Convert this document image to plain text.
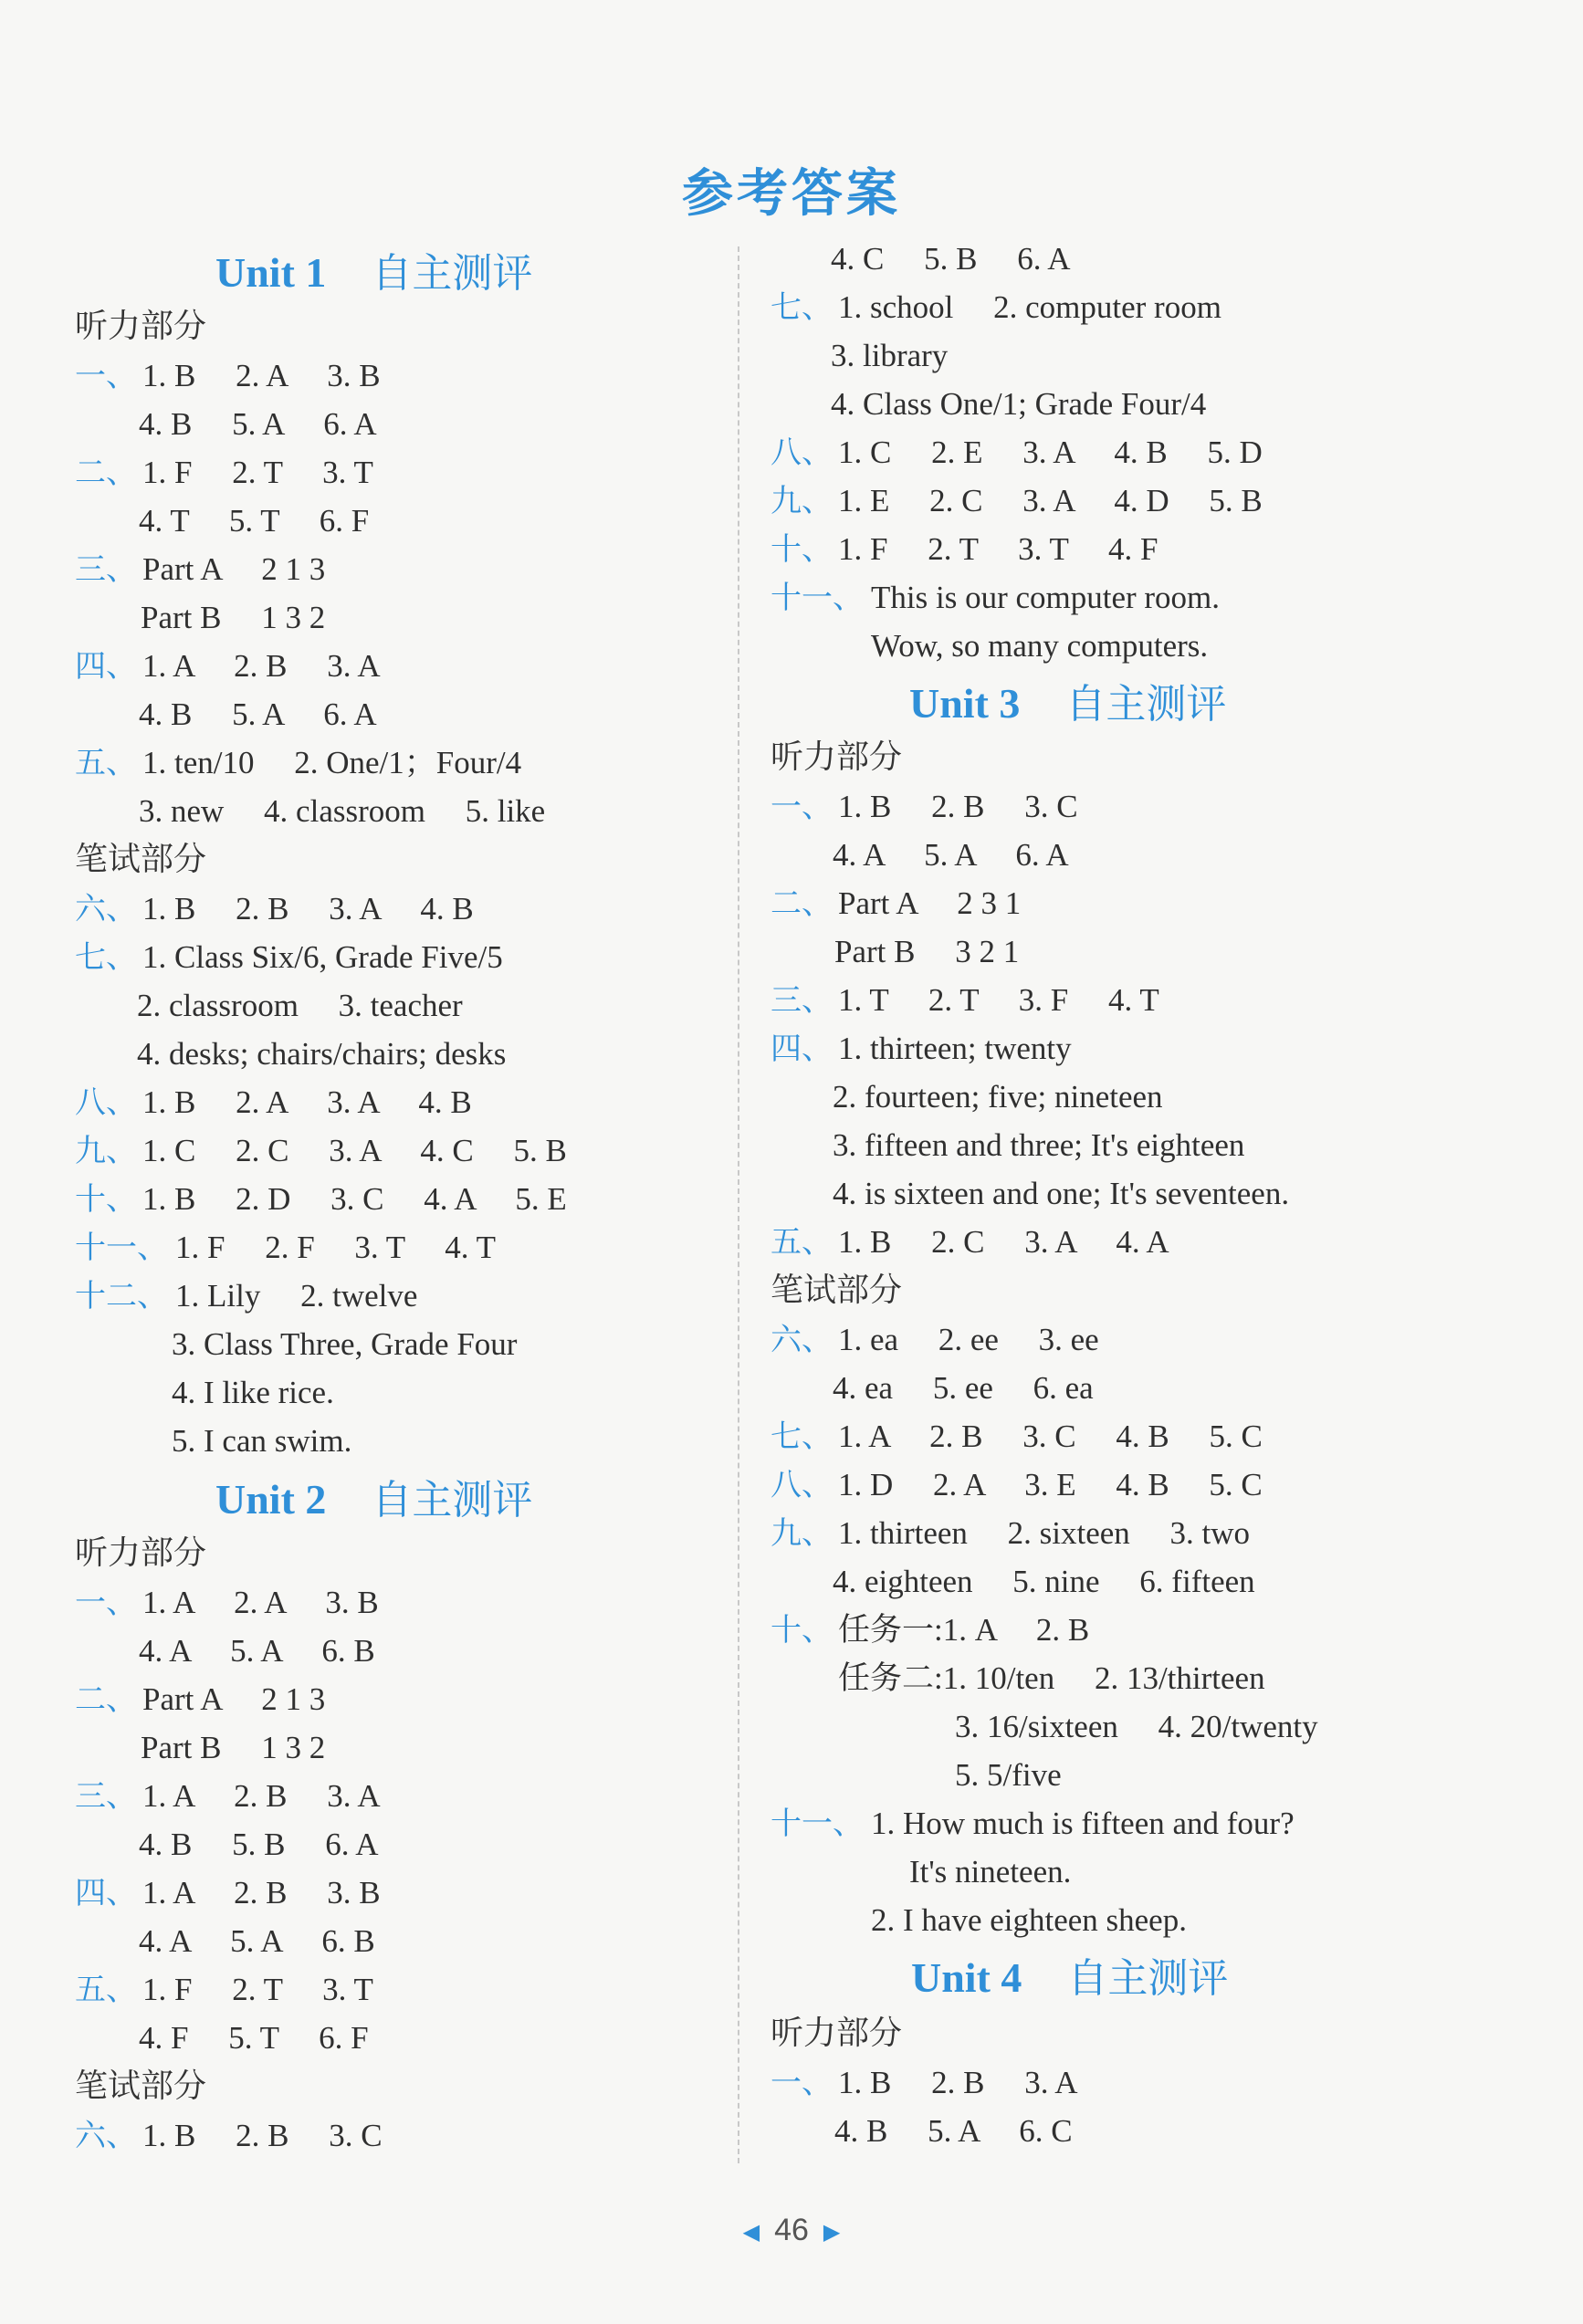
参考答案
Unit 1 自主测评
听力部分
一、 1. B　 2. A　 3. B
4. B　 5. A　 6. A
二、 1. F　 2. T　 3. T
4. T　 5. T　 6. F
三、 Part A　 2 1 3
Part B　 1 3 2
四、 1. A　 2. B　 3. A
4. B　 5. A　 6. A
五、 1. ten/10　 2. One/1；Four/4
3. new　 4. classroom　 5. like
笔试部分
六、 1. B　 2. B　 3. A　 4. B
七、 1. Class Six/6, Grade Five/5
2. classroom　 3. teacher
4. desks; chairs/chairs; desks
八、 1. B　 2. A　 3. A　 4. B
九、 1. C　 2. C　 3. A　 4. C　 5. B
十、 1. B　 2. D　 3. C　 4. A　 5. E
十一、 1. F　 2. F　 3. T　 4. T
十二、 1. Lily　 2. twelve
3. Class Three, Grade Four
4. I like rice.
5. I can swim.
Unit 2 自主测评
听力部分
一、 1. A　 2. A　 3. B
4. A　 5. A　 6. B
二、 Part A　 2 1 3
Part B　 1 3 2
三、 1. A　 2. B　 3. A
4. B　 5. B　 6. A
四、 1. A　 2. B　 3. B
4. A　 5. A　 6. B
五、 1. F　 2. T　 3. T
4. F　 5. T　 6. F
笔试部分
六、 1. B　 2. B　 3. C
4. C　 5. B　 6. A
七、 1. school　 2. computer room
3. library
4. Class One/1; Grade Four/4
八、 1. C　 2. E　 3. A　 4. B　 5. D
九、 1. E　 2. C　 3. A　 4. D　 5. B
十、 1. F　 2. T　 3. T　 4. F
十一、 This is our computer room.
Wow, so many computers.
Unit 3 自主测评
听力部分
一、 1. B　 2. B　 3. C
4. A　 5. A　 6. A
二、 Part A　 2 3 1
Part B　 3 2 1
三、 1. T　 2. T　 3. F　 4. T
四、 1. thirteen; twenty
2. fourteen; five; nineteen
3. fifteen and three; It's eighteen
4. is sixteen and one; It's seventeen.
五、 1. B　 2. C　 3. A　 4. A
笔试部分
六、 1. ea　 2. ee　 3. ee
4. ea　 5. ee　 6. ea
七、 1. A　 2. B　 3. C　 4. B　 5. C
八、 1. D　 2. A　 3. E　 4. B　 5. C
九、 1. thirteen　 2. sixteen　 3. two
4. eighteen　 5. nine　 6. fifteen
十、 任务一:1. A　 2. B
任务二:1. 10/ten　 2. 13/thirteen
3. 16/sixteen　 4. 20/twenty
5. 5/five
十一、 1. How much is fifteen and four?
It's nineteen.
2. I have eighteen sheep.
Unit 4 自主测评
听力部分
一、 1. B　 2. B　 3. A
4. B　 5. A　 6. C
◀ 46 ▶
